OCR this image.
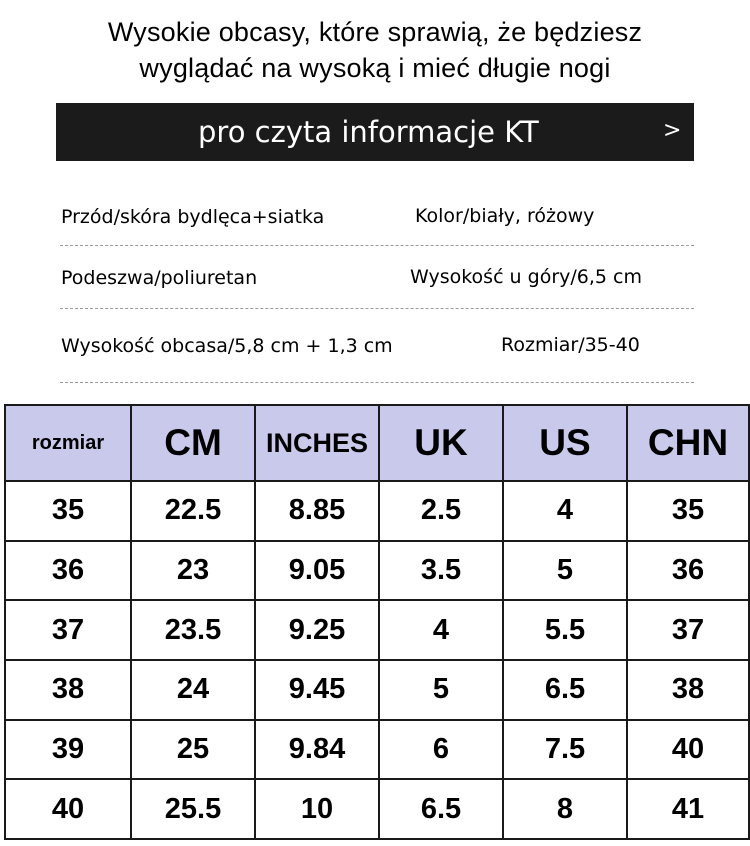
Wysokie obcasy, które sprawią, że będziesz
wyglądać na wysoką i mieć długie nogi
pro czyta informacje KT	>
Przód/skóra bydlęca+siatka	Kolor/biały, różowy
Podeszwa/poliuretan	Wysokość u góry/6,5 cm
Wysokość obcasa/5,8 cm + 1,3 cm	Rozmiar/35-40
rozmiar	CM	INCHES	UK	US	CHN
35	22.5	8.85	2.5	4	35
36	23	9.05	3.5	5	36
37	23.5	9.25	4	5.5	37
38	24	9.45	5	6.5	38
39	25	9.84	6	7.5	40
40	25.5	10	6.5	8	41
